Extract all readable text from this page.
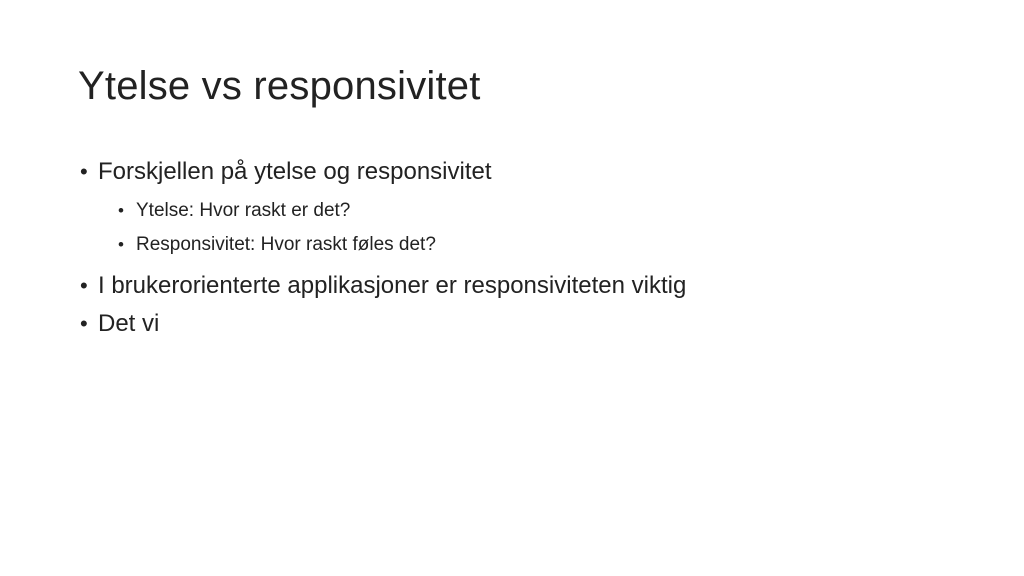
Ytelse vs responsivitet
• Forskjellen på ytelse og responsivitet
• Ytelse: Hvor raskt er det?
• Responsivitet: Hvor raskt føles det?
• I brukerorienterte applikasjoner er responsiviteten viktig
• Det vi
